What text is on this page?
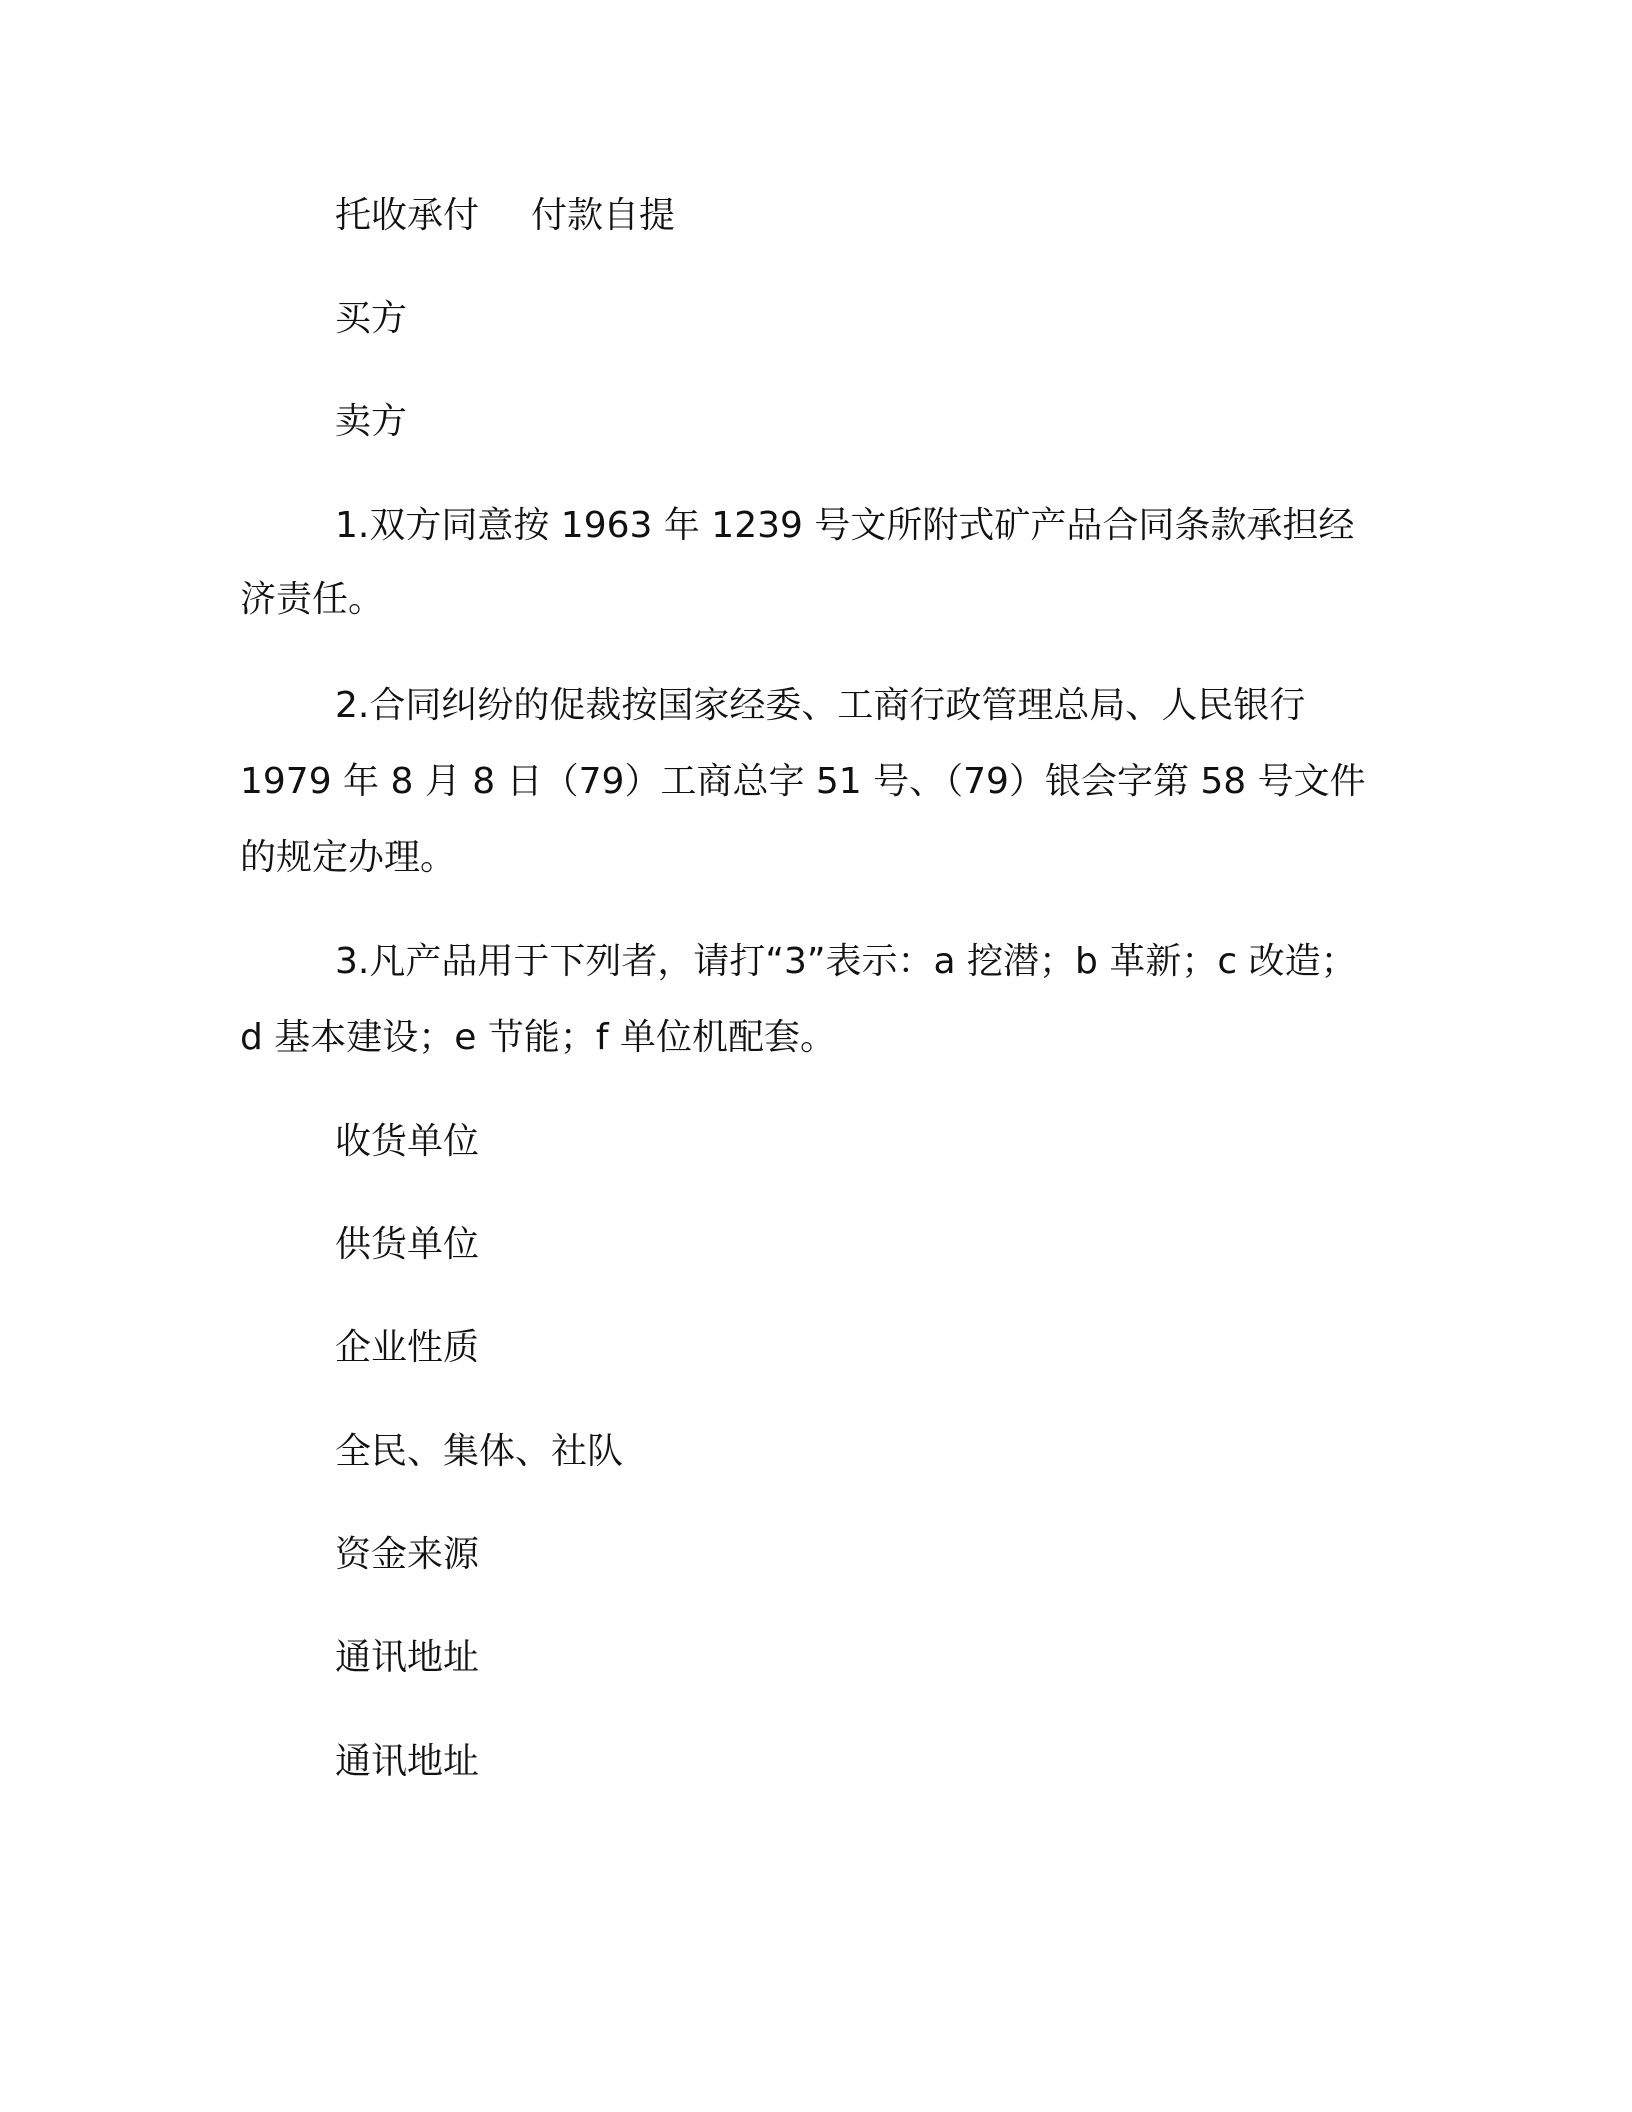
托收承付 付款自提
买方
卖方
1.双方同意按 1963 年 1239 号文所附式矿产品合同条款承担经
济责任。
2.合同纠纷的促裁按国家经委、工商行政管理总局、人民银行
1979 年 8 月 8 日（79）工商总字 51 号、（79）银会字第 58 号文件
的规定办理。
3.凡产品用于下列者，请打“3”表示：a 挖潜；b 革新；c 改造；
d 基本建设；e 节能；f 单位机配套。
收货单位
供货单位
企业性质
全民、集体、社队
资金来源
通讯地址
通讯地址
